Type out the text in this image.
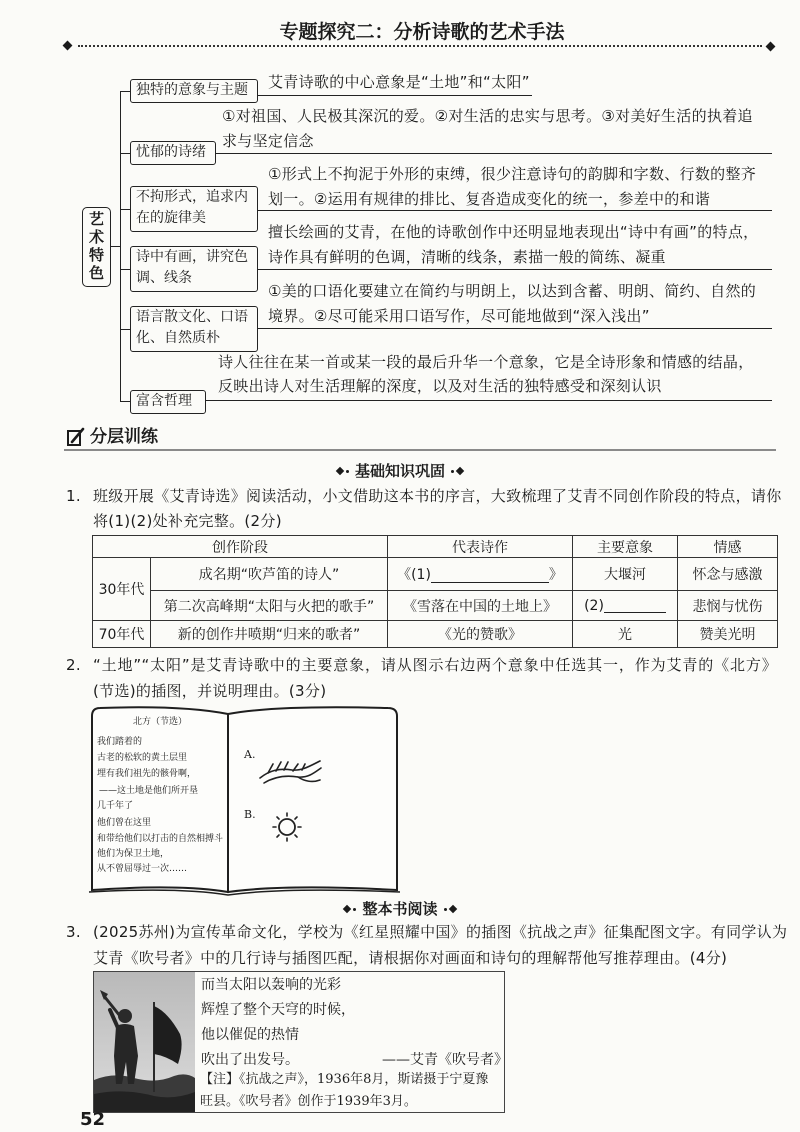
专题探究二：分析诗歌的艺术手法
艺术特色
独特的意象与主题 艾青诗歌的中心意象是“土地”和“太阳”
忧郁的诗绪
①对祖国、人民极其深沉的爱。②对生活的忠实与思考。③对美好生活的执着追
求与坚定信念
不拘形式，追求内
在的旋律美
①形式上不拘泥于外形的束缚，很少注意诗句的韵脚和字数、行数的整齐
划一。②运用有规律的排比、复沓造成变化的统一，参差中的和谐
诗中有画，讲究色
调、线条
擅长绘画的艾青，在他的诗歌创作中还明显地表现出“诗中有画”的特点，
诗作具有鲜明的色调，清晰的线条，素描一般的简练、凝重
语言散文化、口语
化、自然质朴
①美的口语化要建立在简约与明朗上，以达到含蓄、明朗、简约、自然的
境界。②尽可能采用口语写作，尽可能地做到“深入浅出”
富含哲理
诗人往往在某一首或某一段的最后升华一个意象，它是全诗形象和情感的结晶，
反映出诗人对生活理解的深度，以及对生活的独特感受和深刻认识
分层训练
基础知识巩固
1. 班级开展《艾青诗选》阅读活动，小文借助这本书的序言，大致梳理了艾青不同创作阶段的特点，请你
将(1)(2)处补充完整。(2分)
创作阶段		代表诗作	主要意象	情感
30年代	成名期“吹芦笛的诗人”	《(1) 》	大堰河	怀念与感激
	第二次高峰期“太阳与火把的歌手”	《雪落在中国的土地上》	(2)	悲悯与忧伤
70年代	新的创作井喷期“归来的歌者”	《光的赞歌》	光	赞美光明
2. “土地”“太阳”是艾青诗歌中的主要意象，请从图示右边两个意象中任选其一，作为艾青的《北方》
(节选)的插图，并说明理由。(3分)
北方（节选）
我们踏着的
古老的松软的黄土层里
埋有我们祖先的骸骨啊，
——这土地是他们所开垦
几千年了
他们曾在这里
和带给他们以打击的自然相搏斗
他们为保卫土地，
从不曾屈辱过一次……
A.
B.
整本书阅读
3. (2025苏州)为宣传革命文化，学校为《红星照耀中国》的插图《抗战之声》征集配图文字。有同学认为
艾青《吹号者》中的几行诗与插图匹配，请根据你对画面和诗句的理解帮他写推荐理由。(4分)
而当太阳以轰响的光彩
辉煌了整个天穹的时候，
他以催促的热情
吹出了出发号。	——艾青《吹号者》
【注】《抗战之声》，1936年8月，斯诺摄于宁夏豫
旺县。《吹号者》创作于1939年3月。
52
